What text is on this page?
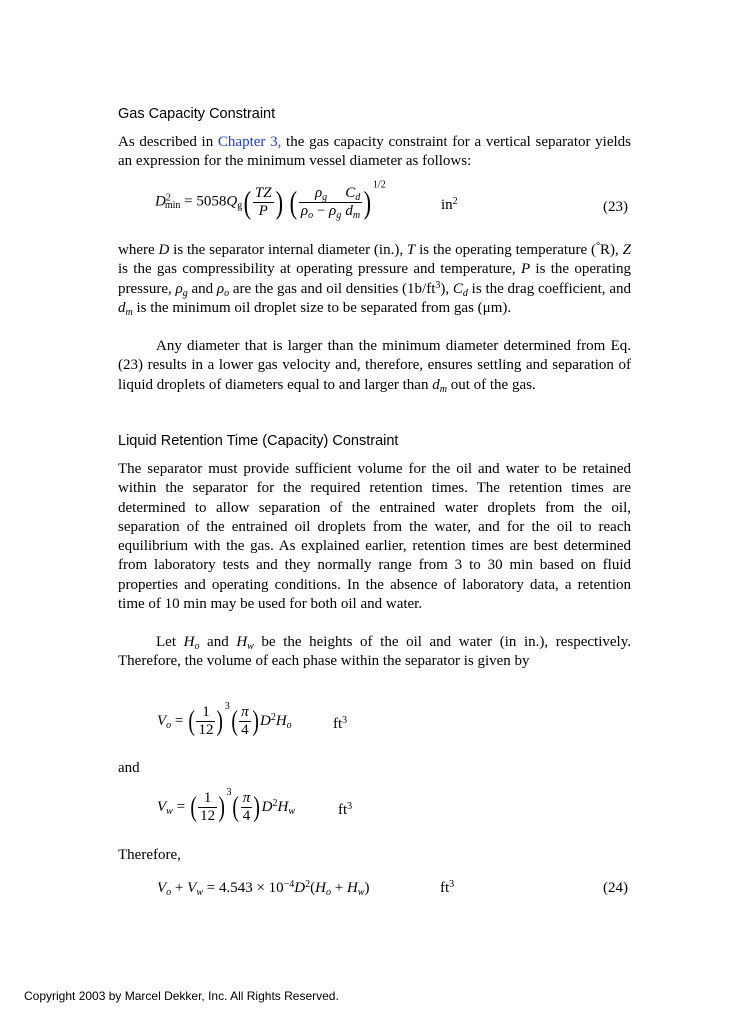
Gas Capacity Constraint

As described in Chapter 3, the gas capacity constraint for a vertical separator yields an expression for the minimum vessel diameter as follows:

$D^2_{min} = 5058Q_g( \frac{TZ}{P}$ ) ( $\frac{\rho_g}{\rho_o - \rho_g} \frac{C_d}{d_m}$ ) $^{1/2}$
$in^2$	(23)

where D is the separator internal diameter (in.), T is the operating temperature (°R), Z is the gas compressibility at operating pressure and temperature, P is the operating pressure, $\rho_g$ and $\rho_o$ are the gas and oil densities $(1b/ft^3)$, $C_d$ is the drag coefficient, and $d_m$ is the minimum oil droplet size to be separated from gas (μm).

Any diameter that is larger than the minimum diameter determined from Eq. (23) results in a lower gas velocity and, therefore, ensures settling and separation of liquid droplets of diameters equal to and larger than $d_m$ out of the gas.

Liquid Retention Time (Capacity) Constraint

The separator must provide sufficient volume for the oil and water to be retained within the separator for the required retention times. The retention times are determined to allow separation of the entrained water droplets from the oil, separation of the entrained oil droplets from the water, and for the oil to reach equilibrium with the gas. As explained earlier, retention times are best determined from laboratory tests and they normally range from 3 to 30 min based on fluid properties and operating conditions. In the absence of laboratory data, a retention time of 10 min may be used for both oil and water.

Let $H_o$ and $H_w$ be the heights of the oil and water (in in.), respectively. Therefore, the volume of each phase within the separator is given by

$V_o$ = ( $\frac{1}{12} )^3( \frac{\pi}{4} )D^2H_o$	$ft^3$

and

$V_w$ = ( $\frac{1}{12} )^3( \frac{\pi}{4} )D^2H_w$	$ft^3$

Therefore,

$V_o + V_w = 4.543 \times 10^{-4}D^2(H_o + H_w)$	$ft^3$	(24)

Copyright 2003 by Marcel Dekker, Inc. All Rights Reserved.
